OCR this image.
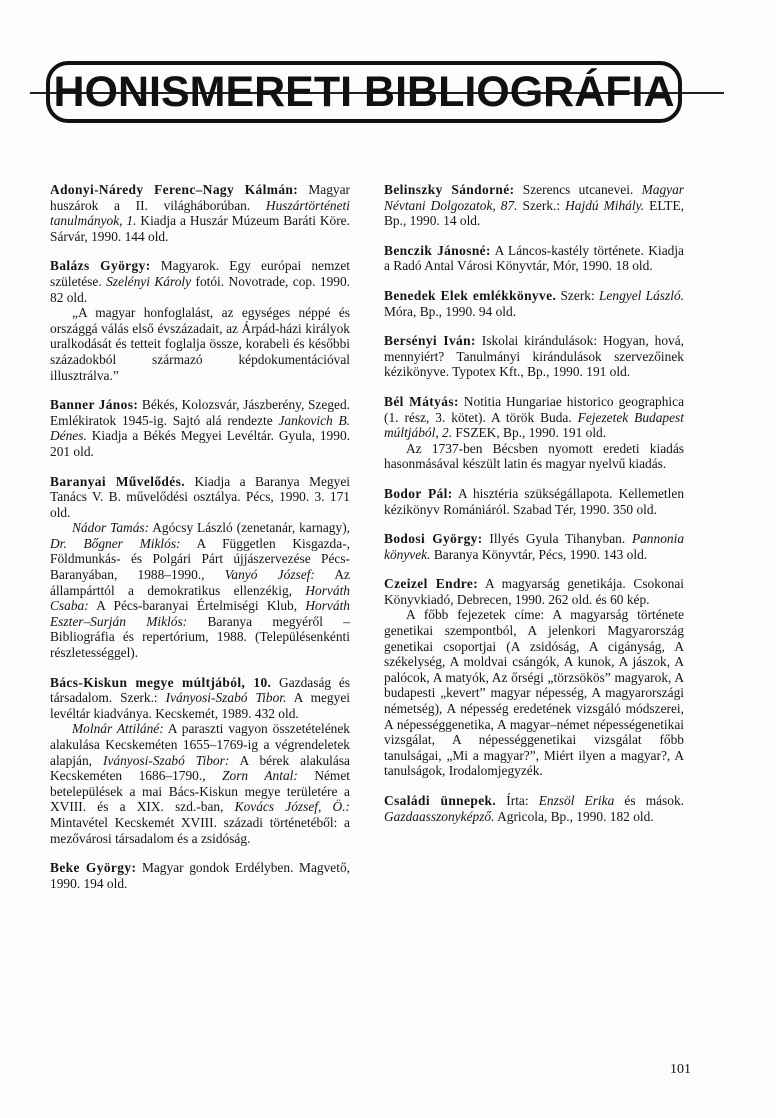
HONISMERETI BIBLIOGRÁFIA

Adonyi-Náredy Ferenc–Nagy Kálmán: Magyar huszárok a II. világháborúban. Huszártörténeti tanulmányok, 1. Kiadja a Huszár Múzeum Baráti Köre. Sárvár, 1990. 144 old.

Balázs György: Magyarok. Egy európai nemzet születése. Szelényi Károly fotói. Novotrade, cop. 1990. 82 old.

„A magyar honfoglalást, az egységes néppé és országgá válás első évszázadait, az Árpád-házi királyok uralkodását és tetteit foglalja össze, korabeli és későbbi századokból származó képdokumentációval illusztrálva.”

Banner János: Békés, Kolozsvár, Jászberény, Szeged. Emlékiratok 1945-ig. Sajtó alá rendezte Jankovich B. Dénes. Kiadja a Békés Megyei Levéltár. Gyula, 1990. 201 old.

Baranyai Művelődés. Kiadja a Baranya Megyei Tanács V. B. művelődési osztálya. Pécs, 1990. 3. 171 old.

Nádor Tamás: Agócsy László (zenetanár, karnagy), Dr. Bőgner Miklós: A Független Kisgazda-, Földmunkás- és Polgári Párt újjászervezése Pécs-Baranyában, 1988–1990., Vanyó József: Az állampárttól a demokratikus ellenzékig, Horváth Csaba: A Pécs-baranyai Értelmiségi Klub, Horváth Eszter–Surján Miklós: Baranya megyéről – Bibliográfia és repertórium, 1988. (Településenkénti részletességgel).

Bács-Kiskun megye múltjából, 10. Gazdaság és társadalom. Szerk.: Iványosi-Szabó Tibor. A megyei levéltár kiadványa. Kecskemét, 1989. 432 old.

Molnár Attiláné: A paraszti vagyon összetételének alakulása Kecskeméten 1655–1769-ig a végrendeletek alapján, Iványosi-Szabó Tibor: A bérek alakulása Kecskeméten 1686–1790., Zorn Antal: Német betelepülések a mai Bács-Kiskun megye területére a XVIII. és a XIX. szd.-ban, Kovács József, Ö.: Mintavétel Kecskemét XVIII. századi történetéből: a mezővárosi társadalom és a zsidóság.

Beke György: Magyar gondok Erdélyben. Magvető, 1990. 194 old.

Belinszky Sándorné: Szerencs utcanevei. Magyar Névtani Dolgozatok, 87. Szerk.: Hajdú Mihály. ELTE, Bp., 1990. 14 old.

Benczik Jánosné: A Láncos-kastély története. Kiadja a Radó Antal Városi Könyvtár, Mór, 1990. 18 old.

Benedek Elek emlékkönyve. Szerk: Lengyel László. Móra, Bp., 1990. 94 old.

Bersényi Iván: Iskolai kirándulások: Hogyan, hová, mennyiért? Tanulmányi kirándulások szervezőinek kézikönyve. Typotex Kft., Bp., 1990. 191 old.

Bél Mátyás: Notitia Hungariae historico geographica (1. rész, 3. kötet). A török Buda. Fejezetek Budapest múltjából, 2. FSZEK, Bp., 1990. 191 old.

Az 1737-ben Bécsben nyomott eredeti kiadás hasonmásával készült latin és magyar nyelvű kiadás.

Bodor Pál: A hisztéria szükségállapota. Kellemetlen kézikönyv Romániáról. Szabad Tér, 1990. 350 old.

Bodosi György: Illyés Gyula Tihanyban. Pannonia könyvek. Baranya Könyvtár, Pécs, 1990. 143 old.

Czeizel Endre: A magyarság genetikája. Csokonai Könyvkiadó, Debrecen, 1990. 262 old. és 60 kép.

A főbb fejezetek címe: A magyarság története genetikai szempontból, A jelenkori Magyarország genetikai csoportjai (A zsidóság, A cigányság, A székelység, A moldvai csángók, A kunok, A jászok, A palócok, A matyók, Az őrségi „törzsökös” magyarok, A budapesti „kevert” magyar népesség, A magyarországi németség), A népesség eredetének vizsgáló módszerei, A népességgenetika, A magyar–német népességenetikai vizsgálat, A népességgenetikai vizsgálat főbb tanulságai, „Mi a magyar?”, Miért ilyen a magyar?, A tanulságok, Irodalomjegyzék.

Családi ünnepek. Írta: Enzsöl Erika és mások. Gazdaasszonyképző. Agricola, Bp., 1990. 182 old.

101
